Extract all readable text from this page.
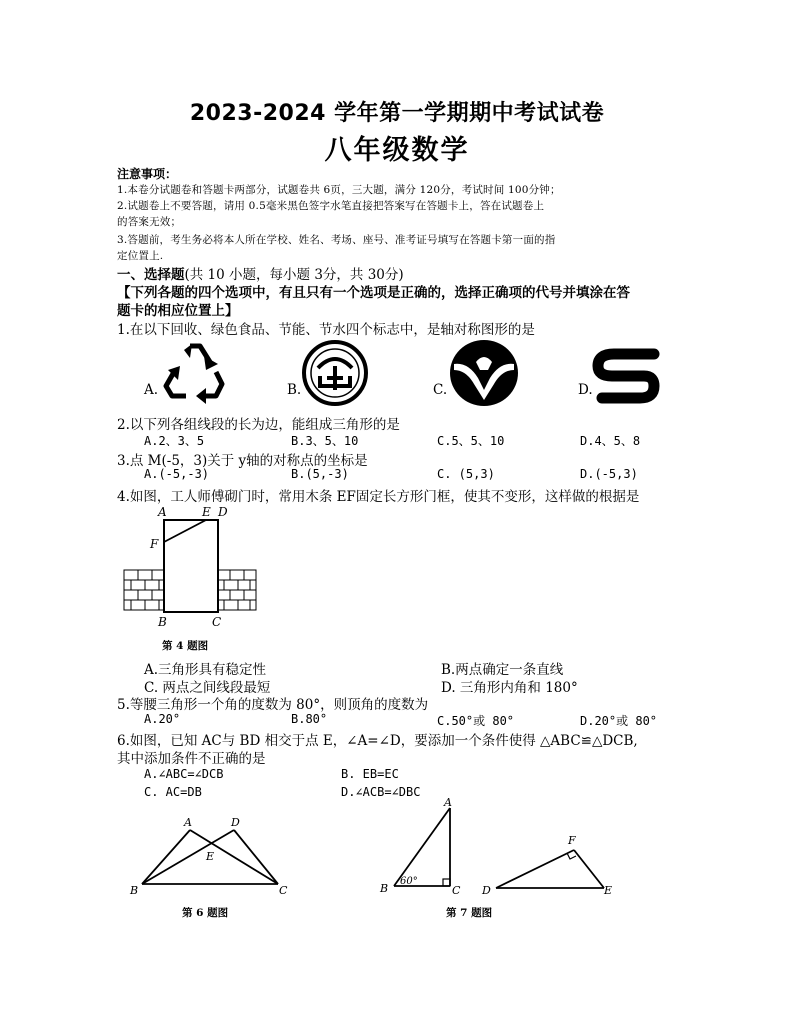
2023-2024 学年第一学期期中考试试卷
八年级数学
注意事项：
1.本卷分试题卷和答题卡两部分，试题卷共 6页，三大题，满分 120分，考试时间 100分钟；
2.试题卷上不要答题，请用 0.5毫米黑色签字水笔直接把答案写在答题卡上，答在试题卷上
的答案无效；
3.答题前，考生务必将本人所在学校、姓名、考场、座号、准考证号填写在答题卡第一面的指
定位置上.
一、选择题(共 10 小题，每小题 3分，共 30分)
【下列各题的四个选项中，有且只有一个选项是正确的，选择正确项的代号并填涂在答
题卡的相应位置上】
1.在以下回收、绿色食品、节能、节水四个标志中，是轴对称图形的是
A.	B.	C.	D.
2.以下列各组线段的长为边，能组成三角形的是
A.2、3、5	B.3、5、10	C.5、5、10	D.4、5、8
3.点 M(-5，3)关于 y轴的对称点的坐标是
A.(-5,-3)	B.(5,-3)	C. (5,3)	D.(-5,3)
4.如图，工人师傅砌门时，常用木条 EF固定长方形门框，使其不变形，这样做的根据是
A	E D
F
B	C
第 4 题图
A.三角形具有稳定性	B.两点确定一条直线
C. 两点之间线段最短	D. 三角形内角和 180°
5.等腰三角形一个角的度数为 80°，则顶角的度数为
A.20°	B.80°	C.50°或 80°	D.20°或 80°
6.如图，已知 AC与 BD 相交于点 E，∠A=∠D，要添加一个条件使得 △ABC≌△DCB,
其中添加条件不正确的是
A.∠ABC=∠DCB	B. EB=EC
C. AC=DB	D.∠ACB=∠DBC
A	D
E
B	C
第 6 题图
A
B	C
60°
F
D	E
第 7 题图
